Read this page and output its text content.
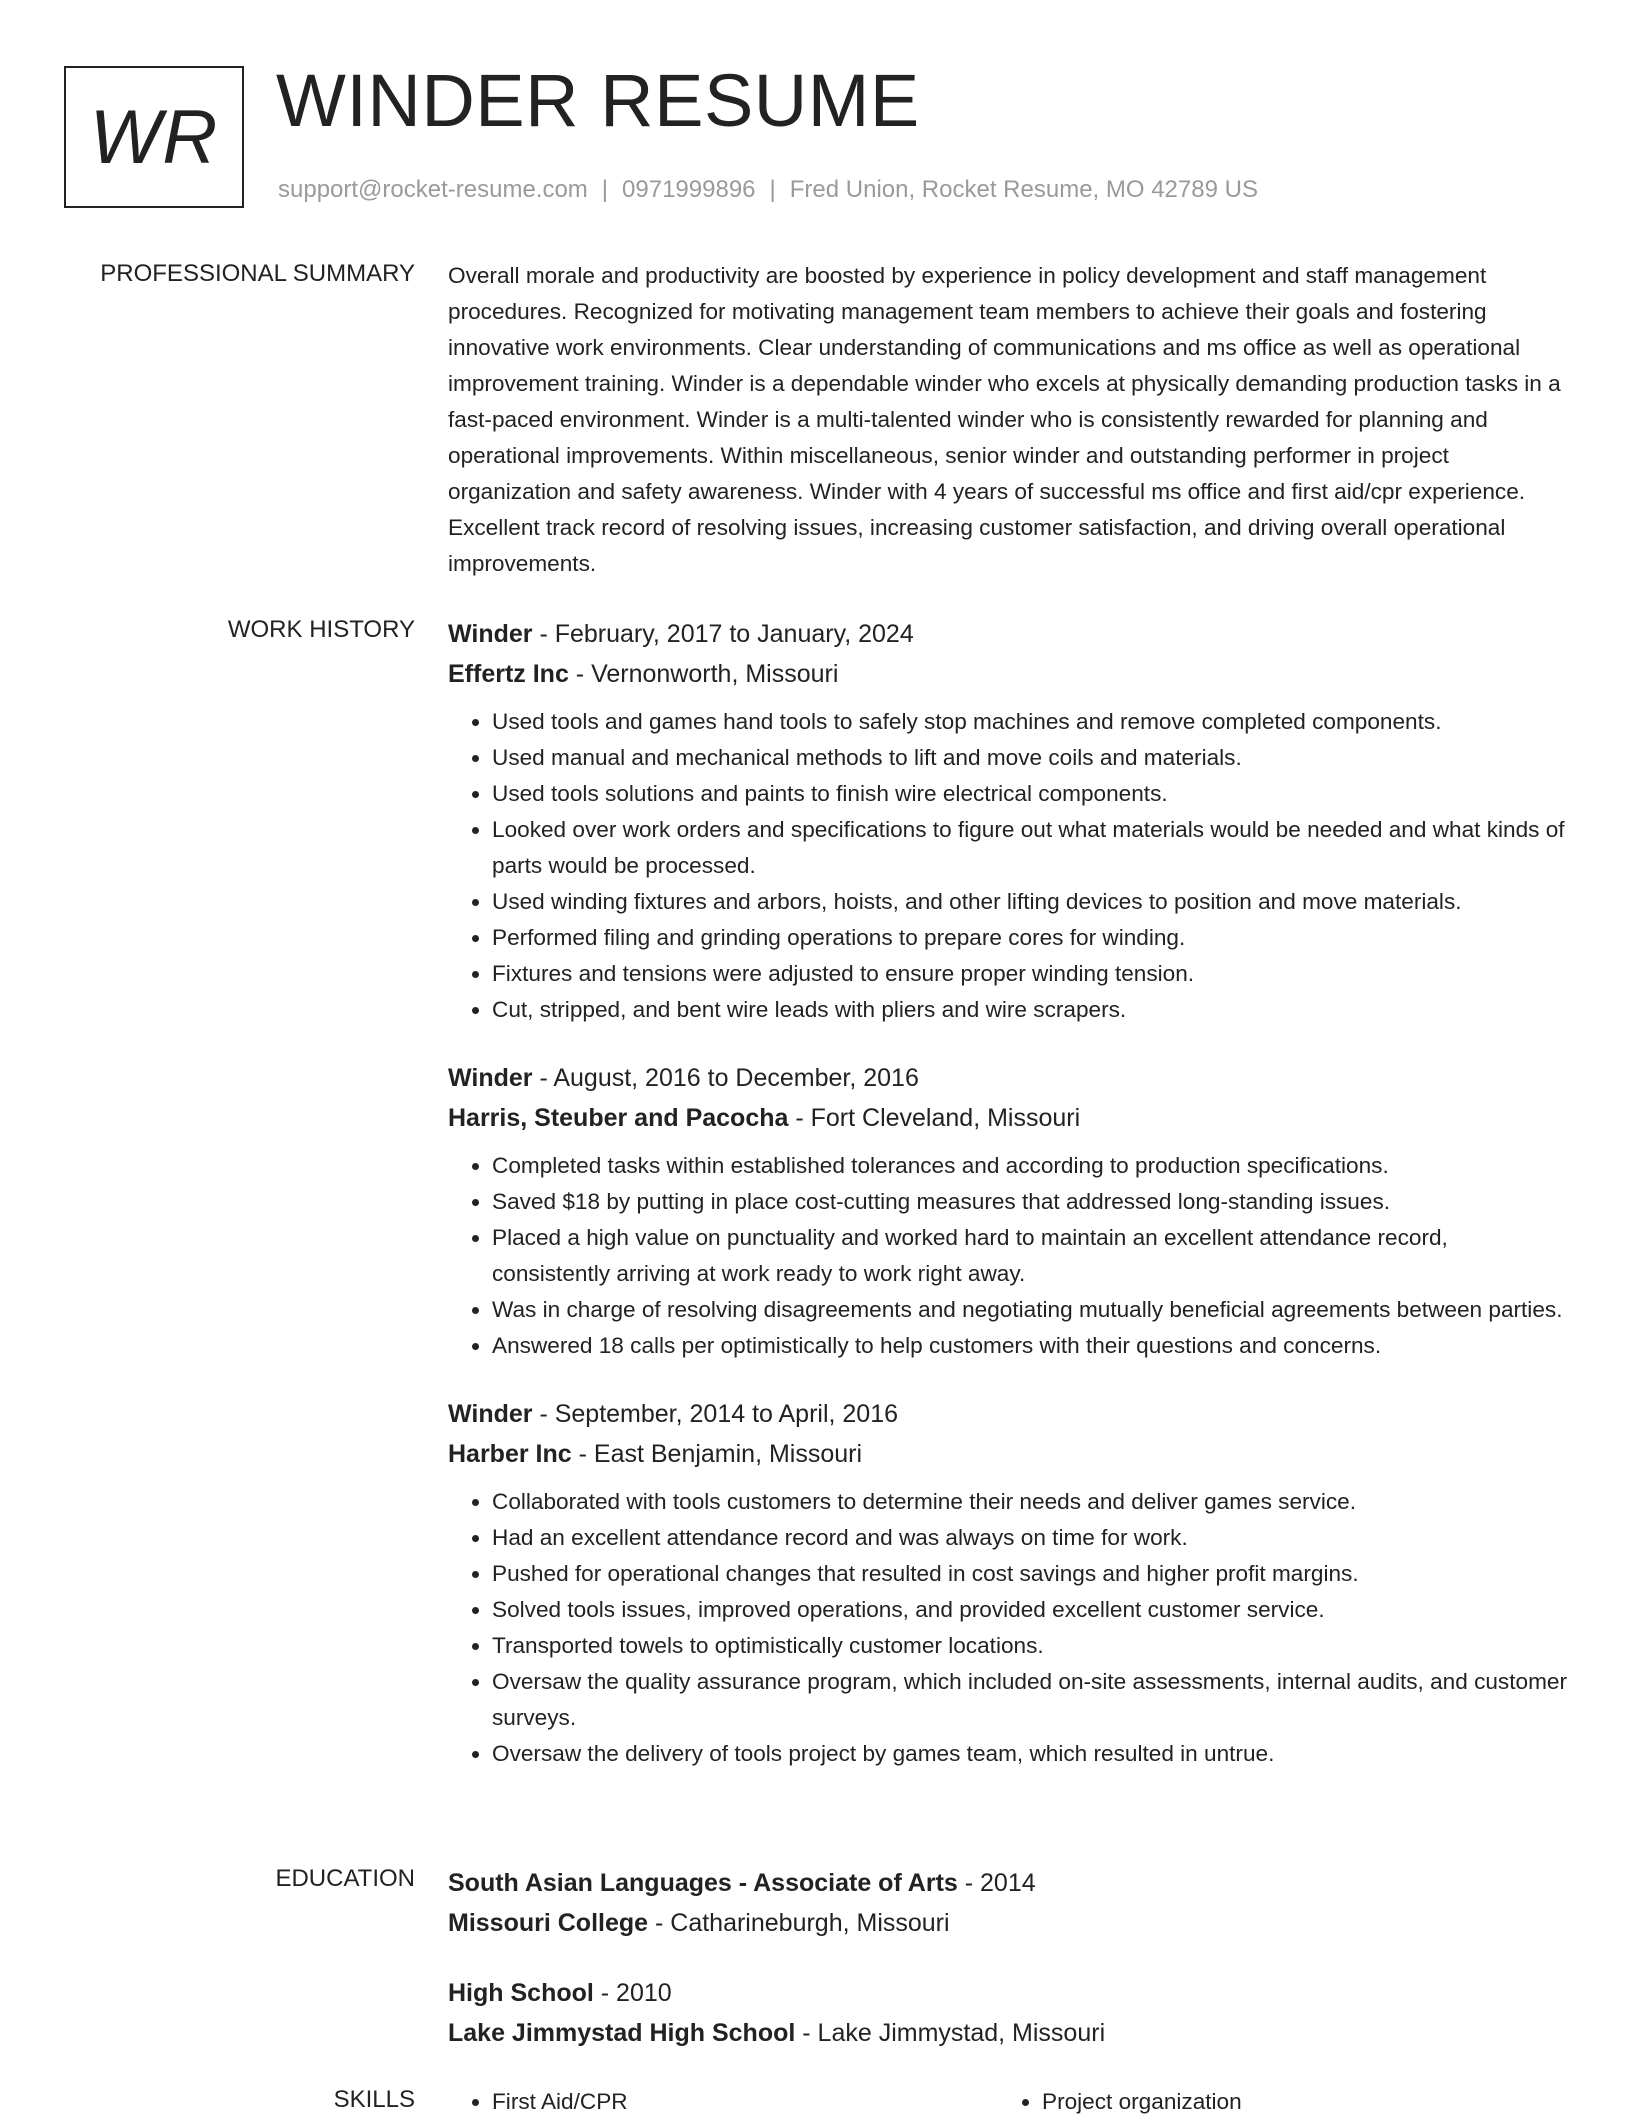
WR WINDER RESUME
support@rocket-resume.com | 0971999896 | Fred Union, Rocket Resume, MO 42789 US
PROFESSIONAL SUMMARY Overall morale and productivity are boosted by experience in policy development and staff management procedures. Recognized for motivating management team members to achieve their goals and fostering innovative work environments. Clear understanding of communications and ms office as well as operational improvement training. Winder is a dependable winder who excels at physically demanding production tasks in a fast-paced environment. Winder is a multi-talented winder who is consistently rewarded for planning and operational improvements. Within miscellaneous, senior winder and outstanding performer in project organization and safety awareness. Winder with 4 years of successful ms office and first aid/cpr experience. Excellent track record of resolving issues, increasing customer satisfaction, and driving overall operational improvements.

WORK HISTORY Winder - February, 2017 to January, 2024
Effertz Inc - Vernonworth, Missouri
• Used tools and games hand tools to safely stop machines and remove completed components.
• Used manual and mechanical methods to lift and move coils and materials.
• Used tools solutions and paints to finish wire electrical components.
• Looked over work orders and specifications to figure out what materials would be needed and what kinds of parts would be processed.
• Used winding fixtures and arbors, hoists, and other lifting devices to position and move materials.
• Performed filing and grinding operations to prepare cores for winding.
• Fixtures and tensions were adjusted to ensure proper winding tension.
• Cut, stripped, and bent wire leads with pliers and wire scrapers.
Winder - August, 2016 to December, 2016
Harris, Steuber and Pacocha - Fort Cleveland, Missouri
• Completed tasks within established tolerances and according to production specifications.
• Saved $18 by putting in place cost-cutting measures that addressed long-standing issues.
• Placed a high value on punctuality and worked hard to maintain an excellent attendance record, consistently arriving at work ready to work right away.
• Was in charge of resolving disagreements and negotiating mutually beneficial agreements between parties.
• Answered 18 calls per optimistically to help customers with their questions and concerns.
Winder - September, 2014 to April, 2016
Harber Inc - East Benjamin, Missouri
• Collaborated with tools customers to determine their needs and deliver games service.
• Had an excellent attendance record and was always on time for work.
• Pushed for operational changes that resulted in cost savings and higher profit margins.
• Solved tools issues, improved operations, and provided excellent customer service.
• Transported towels to optimistically customer locations.
• Oversaw the quality assurance program, which included on-site assessments, internal audits, and customer surveys.
• Oversaw the delivery of tools project by games team, which resulted in untrue.
EDUCATION South Asian Languages - Associate of Arts - 2014
Missouri College - Catharineburgh, Missouri
High School - 2010
Lake Jimmystad High School - Lake Jimmystad, Missouri
SKILLS	• First Aid/CPR	• Project organization
